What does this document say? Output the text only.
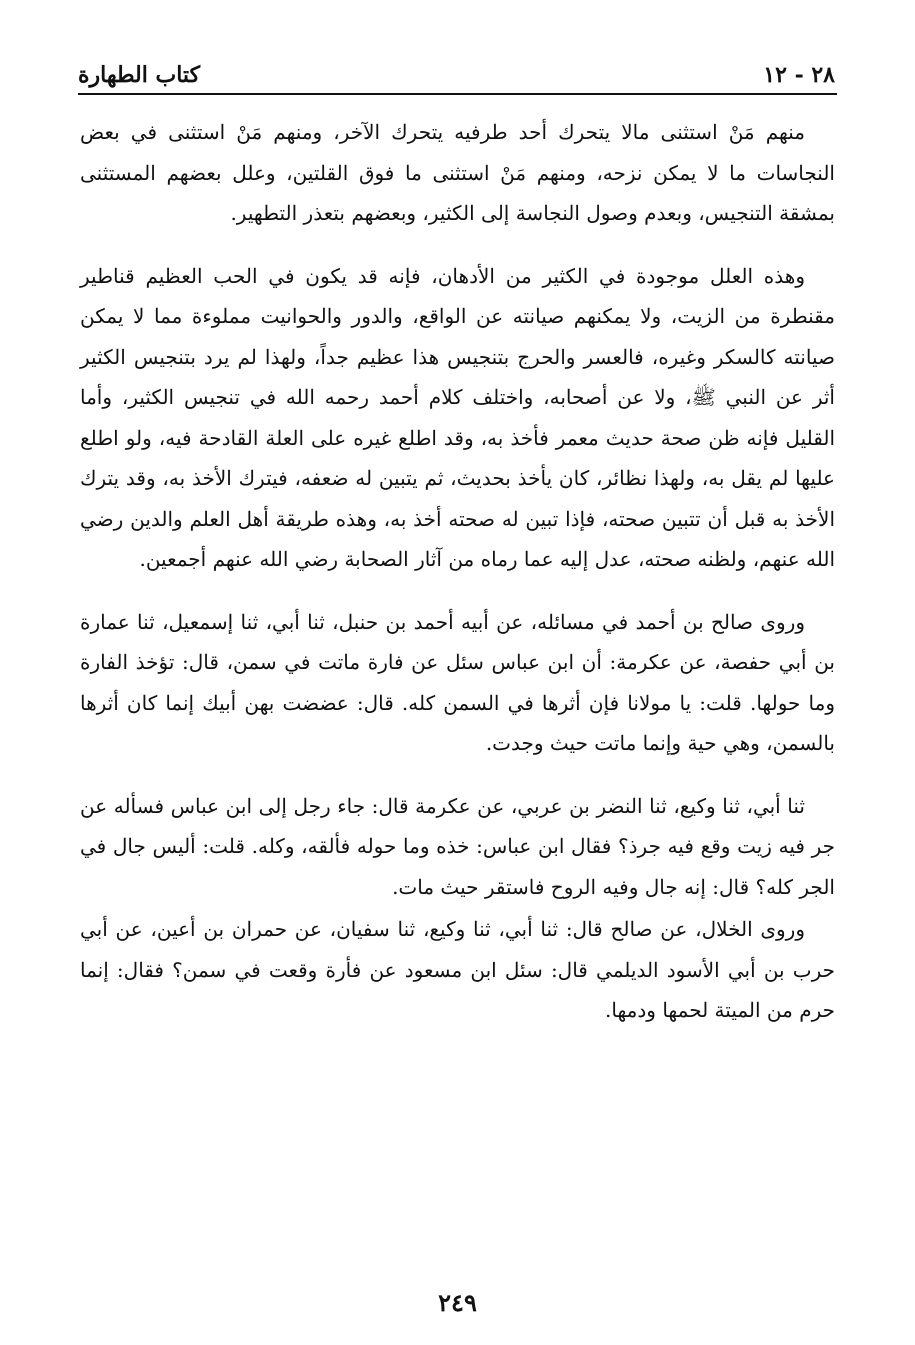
٢٨ - ١٢
كتاب الطهارة

منهم مَنْ استثنى مالا يتحرك أحد طرفيه يتحرك الآخر، ومنهم مَنْ استثنى في بعض النجاسات ما لا يمكن نزحه، ومنهم مَنْ استثنى ما فوق القلتين، وعلل بعضهم المستثنى بمشقة التنجيس، وبعدم وصول النجاسة إلى الكثير، وبعضهم بتعذر التطهير.

وهذه العلل موجودة في الكثير من الأدهان، فإنه قد يكون في الحب العظيم قناطير مقنطرة من الزيت، ولا يمكنهم صيانته عن الواقع، والدور والحوانيت مملوءة مما لا يمكن صيانته كالسكر وغيره، فالعسر والحرج بتنجيس هذا عظيم جداً، ولهذا لم يرد بتنجيس الكثير أثر عن النبي ﷺ، ولا عن أصحابه، واختلف كلام أحمد رحمه الله في تنجيس الكثير، وأما القليل فإنه ظن صحة حديث معمر فأخذ به، وقد اطلع غيره على العلة القادحة فيه، ولو اطلع عليها لم يقل به، ولهذا نظائر، كان يأخذ بحديث، ثم يتبين له ضعفه، فيترك الأخذ به، وقد يترك الأخذ به قبل أن تتبين صحته، فإذا تبين له صحته أخذ به، وهذه طريقة أهل العلم والدين رضي الله عنهم، ولظنه صحته، عدل إليه عما رماه من آثار الصحابة رضي الله عنهم أجمعين.

وروى صالح بن أحمد في مسائله، عن أبيه أحمد بن حنبل، ثنا أبي، ثنا إسمعيل، ثنا عمارة بن أبي حفصة، عن عكرمة: أن ابن عباس سئل عن فارة ماتت في سمن، قال: تؤخذ الفارة وما حولها. قلت: يا مولانا فإن أثرها في السمن كله. قال: عضضت بهن أبيك إنما كان أثرها بالسمن، وهي حية وإنما ماتت حيث وجدت.

ثنا أبي، ثنا وكيع، ثنا النضر بن عربي، عن عكرمة قال: جاء رجل إلى ابن عباس فسأله عن جر فيه زيت وقع فيه جرذ؟ فقال ابن عباس: خذه وما حوله فألقه، وكله. قلت: أليس جال في الجر كله؟ قال: إنه جال وفيه الروح فاستقر حيث مات.

وروى الخلال، عن صالح قال: ثنا أبي، ثنا وكيع، ثنا سفيان، عن حمران بن أعين، عن أبي حرب بن أبي الأسود الديلمي قال: سئل ابن مسعود عن فأرة وقعت في سمن؟ فقال: إنما حرم من الميتة لحمها ودمها.

٢٤٩
